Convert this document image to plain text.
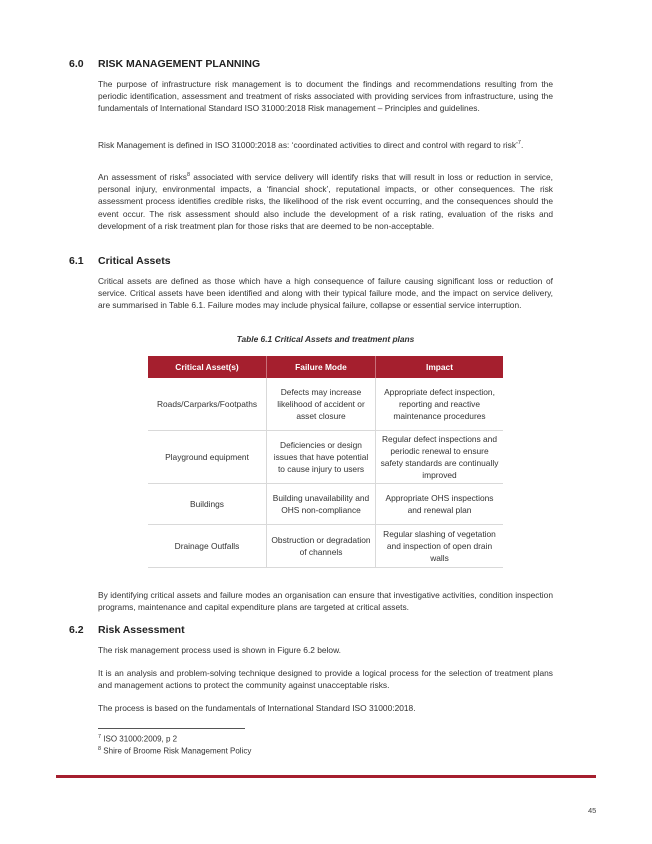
6.0	RISK MANAGEMENT PLANNING

The purpose of infrastructure risk management is to document the findings and recommendations resulting from the periodic identification, assessment and treatment of risks associated with providing services from infrastructure, using the fundamentals of International Standard ISO 31000:2018 Risk management – Principles and guidelines.

Risk Management is defined in ISO 31000:2018 as: ‘coordinated activities to direct and control with regard to risk’$^7$.

An assessment of risks$^8$ associated with service delivery will identify risks that will result in loss or reduction in service, personal injury, environmental impacts, a ‘financial shock’, reputational impacts, or other consequences. The risk assessment process identifies credible risks, the likelihood of the risk event occurring, and the consequences should the event occur. The risk assessment should also include the development of a risk rating, evaluation of the risks and development of a risk treatment plan for those risks that are deemed to be non-acceptable.

6.1	Critical Assets

Critical assets are defined as those which have a high consequence of failure causing significant loss or reduction of service. Critical assets have been identified and along with their typical failure mode, and the impact on service delivery, are summarised in Table 6.1. Failure modes may include physical failure, collapse or essential service interruption.

Table 6.1 Critical Assets and treatment plans
Critical Asset(s)	Failure Mode	Impact
Roads/Carparks/Footpaths	Defects may increase likelihood of accident or asset closure	Appropriate defect inspection, reporting and reactive maintenance procedures
Playground equipment	Deficiencies or design issues that have potential to cause injury to users	Regular defect inspections and periodic renewal to ensure safety standards are continually improved
Buildings	Building unavailability and OHS non-compliance	Appropriate OHS inspections and renewal plan
Drainage Outfalls	Obstruction or degradation of channels	Regular slashing of vegetation and inspection of open drain walls

By identifying critical assets and failure modes an organisation can ensure that investigative activities, condition inspection programs, maintenance and capital expenditure plans are targeted at critical assets.

6.2	Risk Assessment

The risk management process used is shown in Figure 6.2 below.

It is an analysis and problem-solving technique designed to provide a logical process for the selection of treatment plans and management actions to protect the community against unacceptable risks.

The process is based on the fundamentals of International Standard ISO 31000:2018.

$^7$ ISO 31000:2009, p 2
$^8$ Shire of Broome Risk Management Policy
45
